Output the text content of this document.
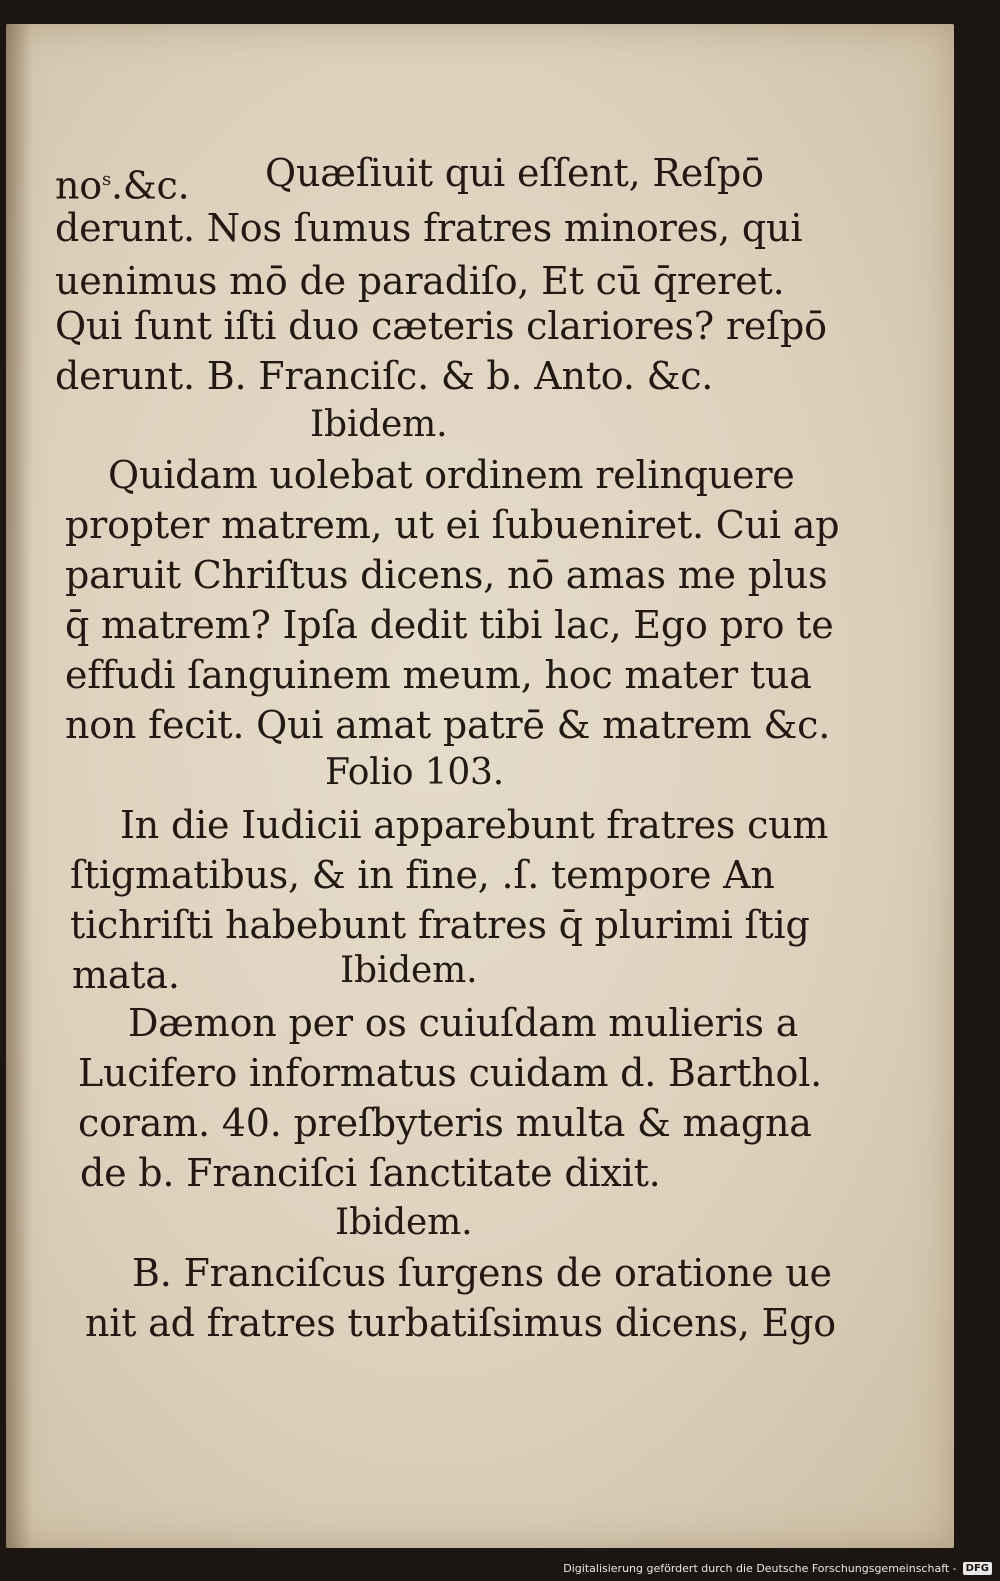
$no^s.\&c$. Quæſiuit qui eſſent, Reſpō
derunt. Nos ſumus fratres minores, qui
uenimus mō de paradiſo, Et cū q̄reret.
Qui ſunt iſti duo cæteris clariores? reſpō
derunt. B. Franciſc. & b. Anto. &c.
Ibidem.
Quidam uolebat ordinem relinquere
propter matrem, ut ei ſubueniret. Cui ap
paruit Chriſtus dicens, nō amas me plus
q̄ matrem? Ipſa dedit tibi lac, Ego pro te
effudi ſanguinem meum, hoc mater tua
non fecit. Qui amat patrē & matrem &c.
Folio 103.
In die Iudicii apparebunt fratres cum
ſtigmatibus, & in fine, .ſ. tempore An
tichriſti habebunt fratres q̄ plurimi ſtig
mata.	Ibidem.
Dæmon per os cuiuſdam mulieris a
Lucifero informatus cuidam d. Barthol.
coram. 40. preſbyteris multa & magna
de b. Franciſci ſanctitate dixit.
Ibidem.
B. Franciſcus ſurgens de oratione ue
nit ad fratres turbatiſsimus dicens, Ego
Digitalisierung gefördert durch die Deutsche Forschungsgemeinschaft - DFG
